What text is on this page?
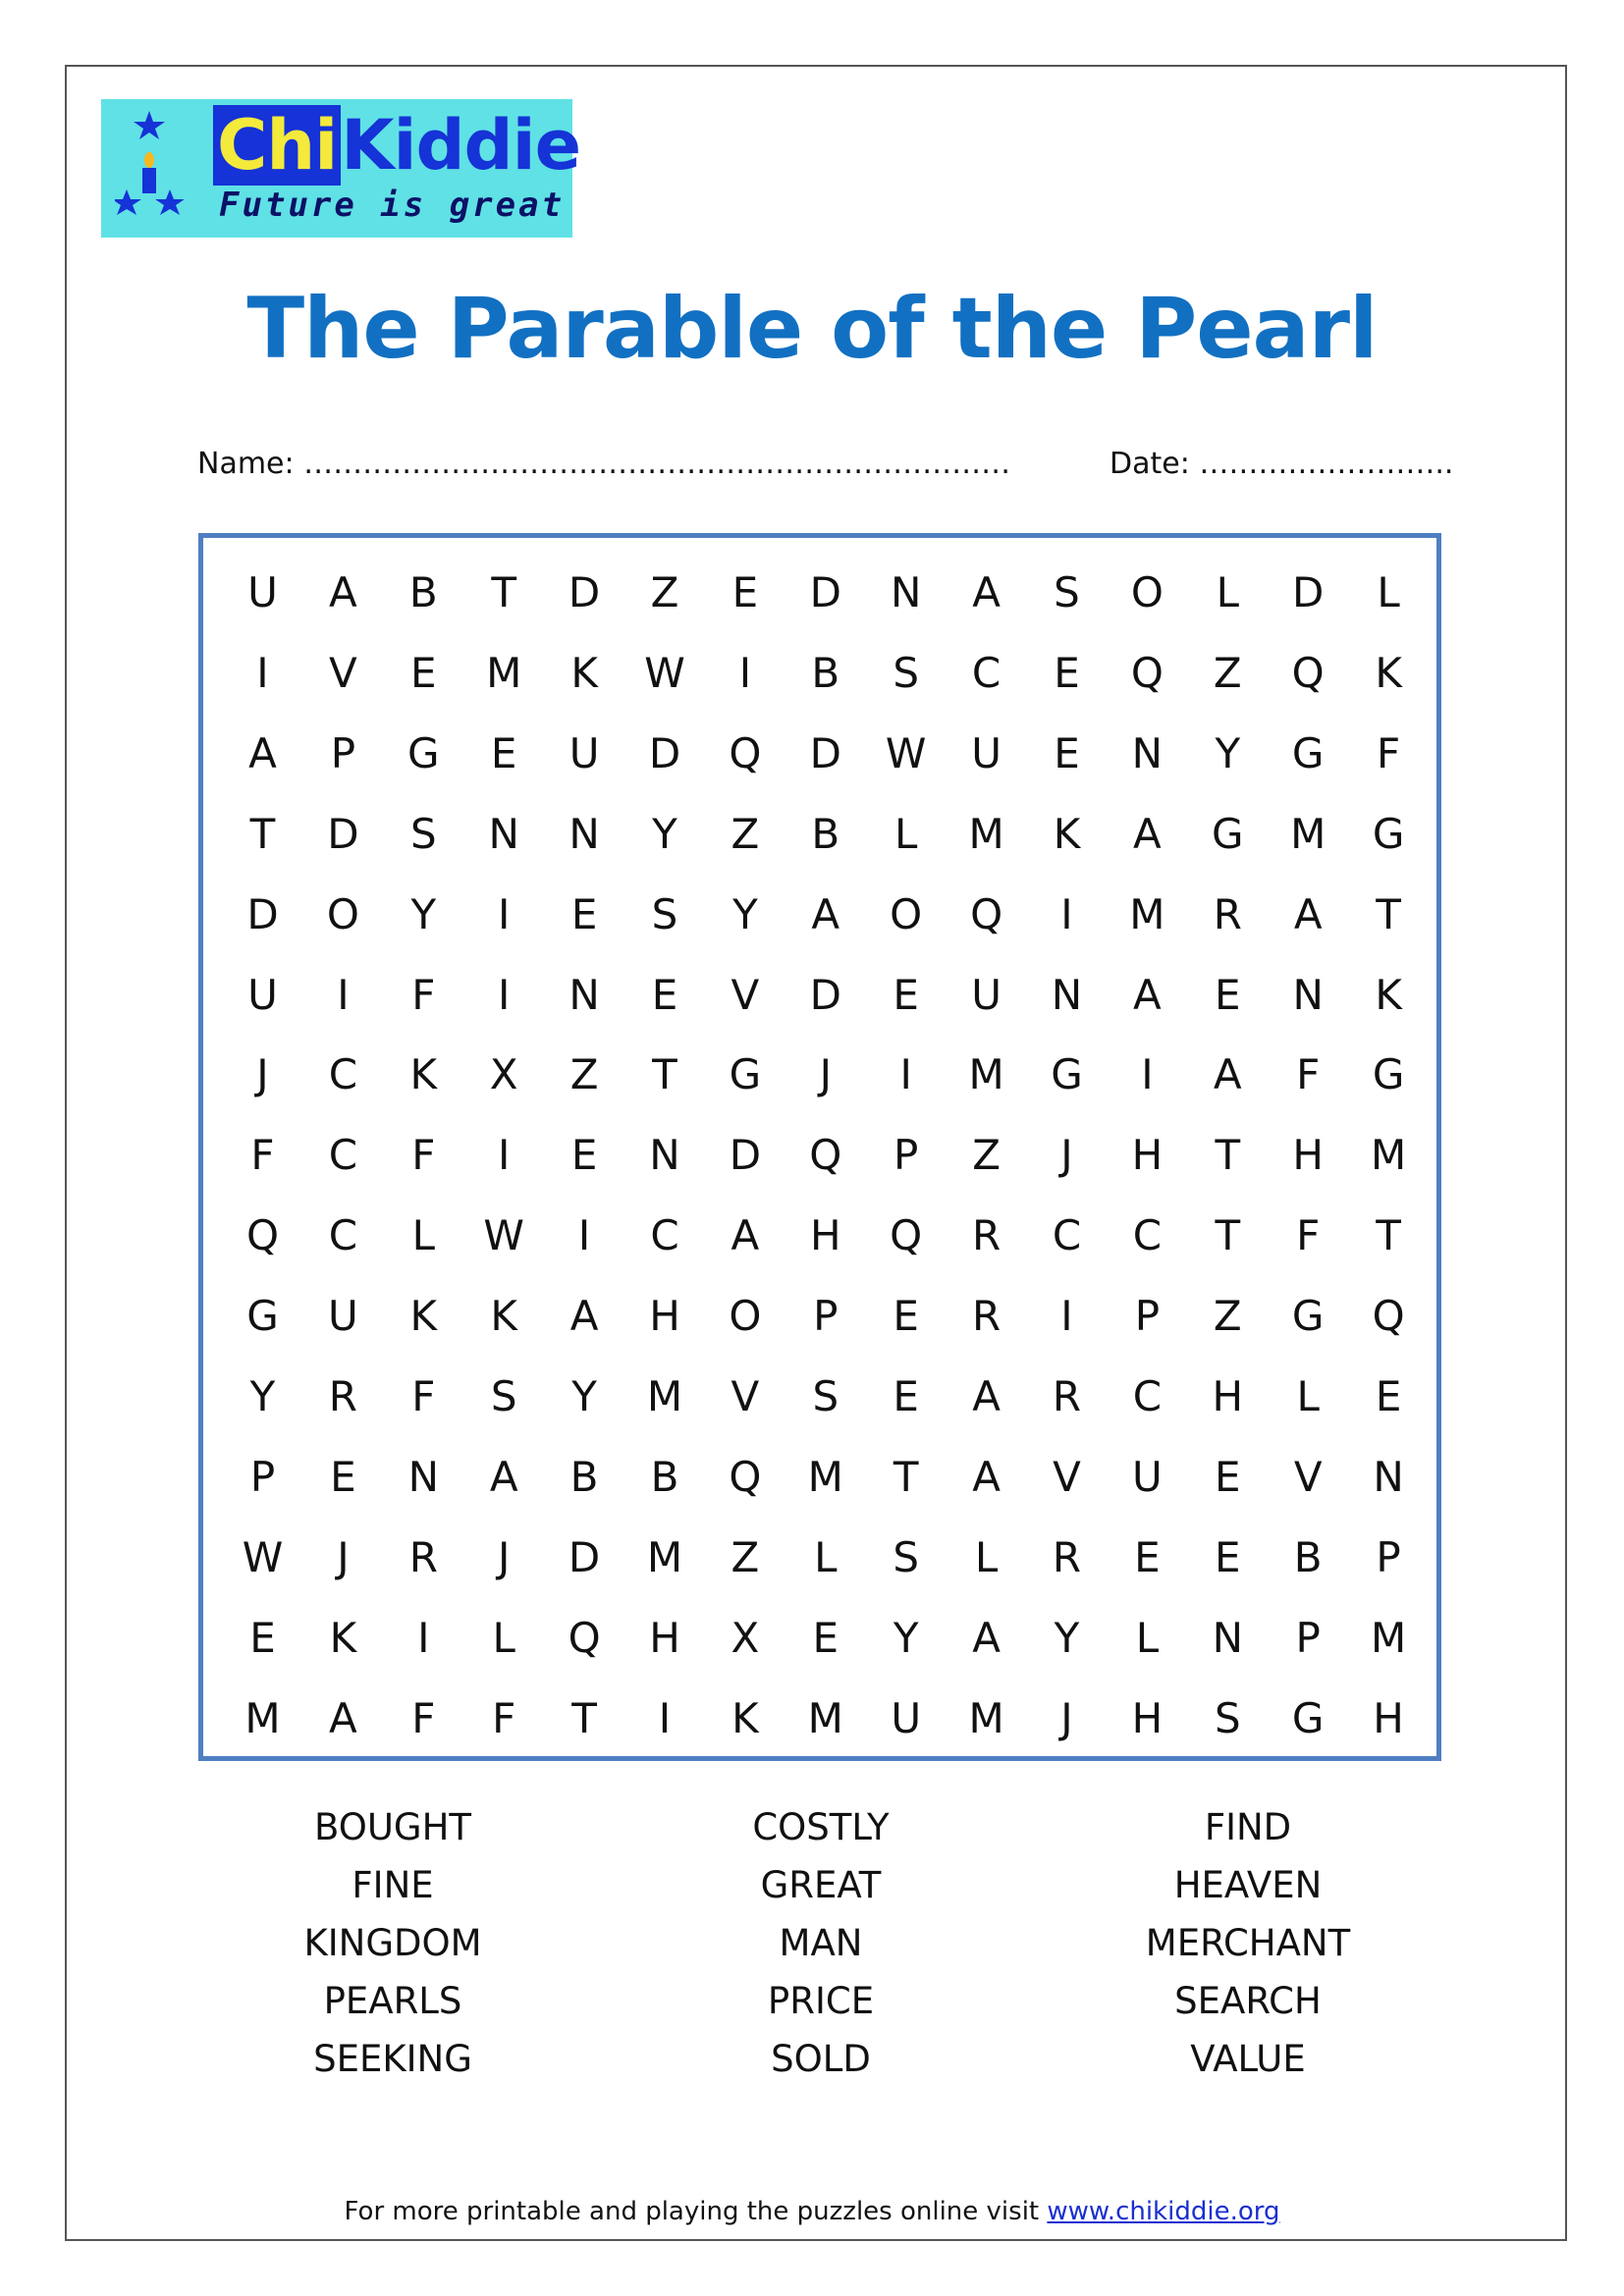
ChiKiddie
Future is great
The Parable of the Pearl
Name: ………………………………………………………………	Date: ……………………..
U	A	B	T	D	Z	E	D	N	A	S	O	L	D	L
I	V	E	M	K	W	I	B	S	C	E	Q	Z	Q	K
A	P	G	E	U	D	Q	D	W	U	E	N	Y	G	F
T	D	S	N	N	Y	Z	B	L	M	K	A	G	M	G
D	O	Y	I	E	S	Y	A	O	Q	I	M	R	A	T
U	I	F	I	N	E	V	D	E	U	N	A	E	N	K
J	C	K	X	Z	T	G	J	I	M	G	I	A	F	G
F	C	F	I	E	N	D	Q	P	Z	J	H	T	H	M
Q	C	L	W	I	C	A	H	Q	R	C	C	T	F	T
G	U	K	K	A	H	O	P	E	R	I	P	Z	G	Q
Y	R	F	S	Y	M	V	S	E	A	R	C	H	L	E
P	E	N	A	B	B	Q	M	T	A	V	U	E	V	N
W	J	R	J	D	M	Z	L	S	L	R	E	E	B	P
E	K	I	L	Q	H	X	E	Y	A	Y	L	N	P	M
M	A	F	F	T	I	K	M	U	M	J	H	S	G	H
BOUGHT	COSTLY	FIND
FINE	GREAT	HEAVEN
KINGDOM	MAN	MERCHANT
PEARLS	PRICE	SEARCH
SEEKING	SOLD	VALUE
For more printable and playing the puzzles online visit www.chikiddie.org
